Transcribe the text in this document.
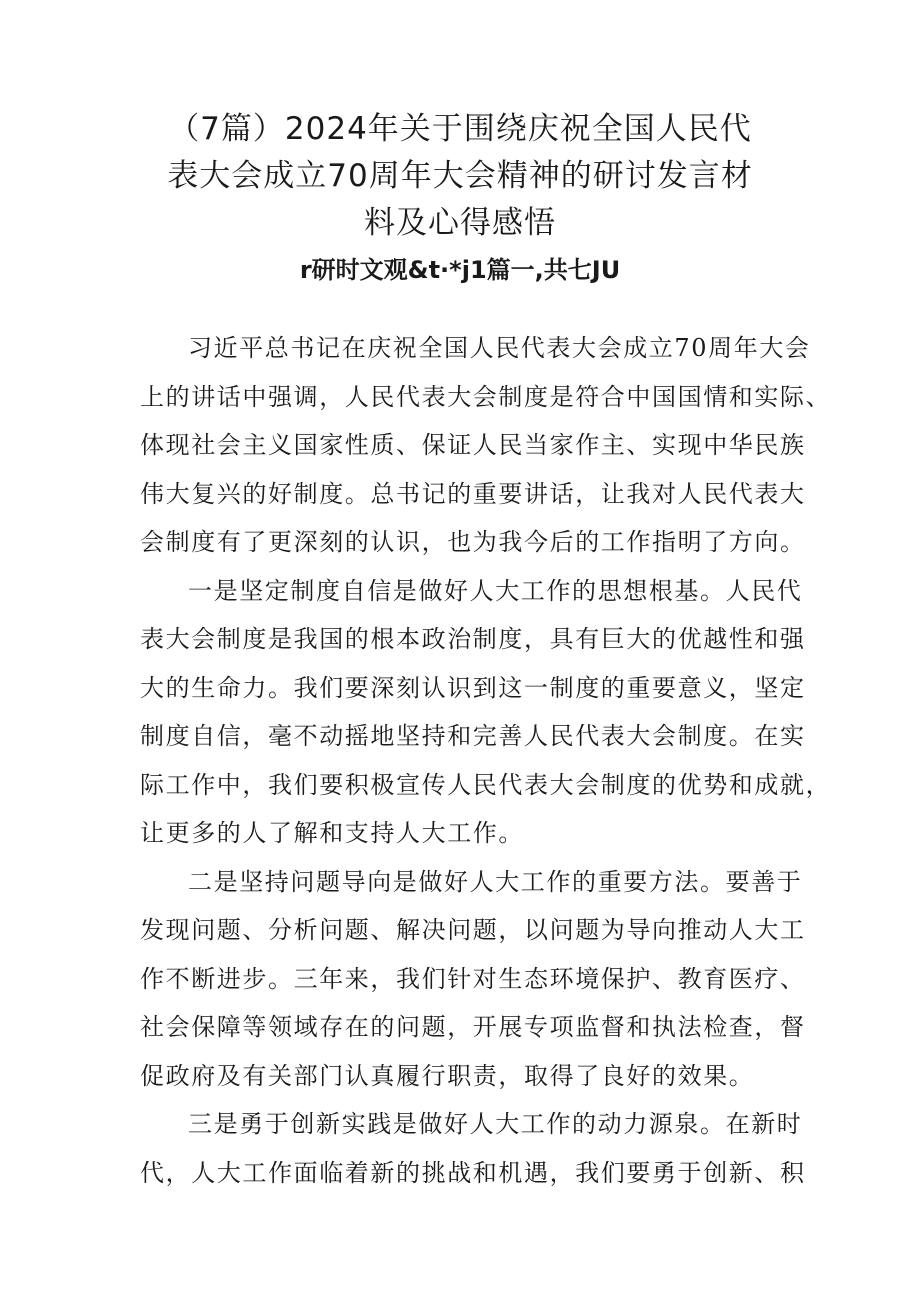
（7篇）2024年关于围绕庆祝全国人民代
表大会成立70周年大会精神的研讨发言材
料及心得感悟
r研时文观&t·*j1篇一,共七JU
习近平总书记在庆祝全国人民代表大会成立70周年大会
上的讲话中强调，人民代表大会制度是符合中国国情和实际、
体现社会主义国家性质、保证人民当家作主、实现中华民族
伟大复兴的好制度。总书记的重要讲话，让我对人民代表大
会制度有了更深刻的认识，也为我今后的工作指明了方向。
一是坚定制度自信是做好人大工作的思想根基。人民代
表大会制度是我国的根本政治制度，具有巨大的优越性和强
大的生命力。我们要深刻认识到这一制度的重要意义，坚定
制度自信，毫不动摇地坚持和完善人民代表大会制度。在实
际工作中，我们要积极宣传人民代表大会制度的优势和成就，
让更多的人了解和支持人大工作。
二是坚持问题导向是做好人大工作的重要方法。要善于
发现问题、分析问题、解决问题，以问题为导向推动人大工
作不断进步。三年来，我们针对生态环境保护、教育医疗、
社会保障等领域存在的问题，开展专项监督和执法检查，督
促政府及有关部门认真履行职责，取得了良好的效果。
三是勇于创新实践是做好人大工作的动力源泉。在新时
代，人大工作面临着新的挑战和机遇，我们要勇于创新、积
